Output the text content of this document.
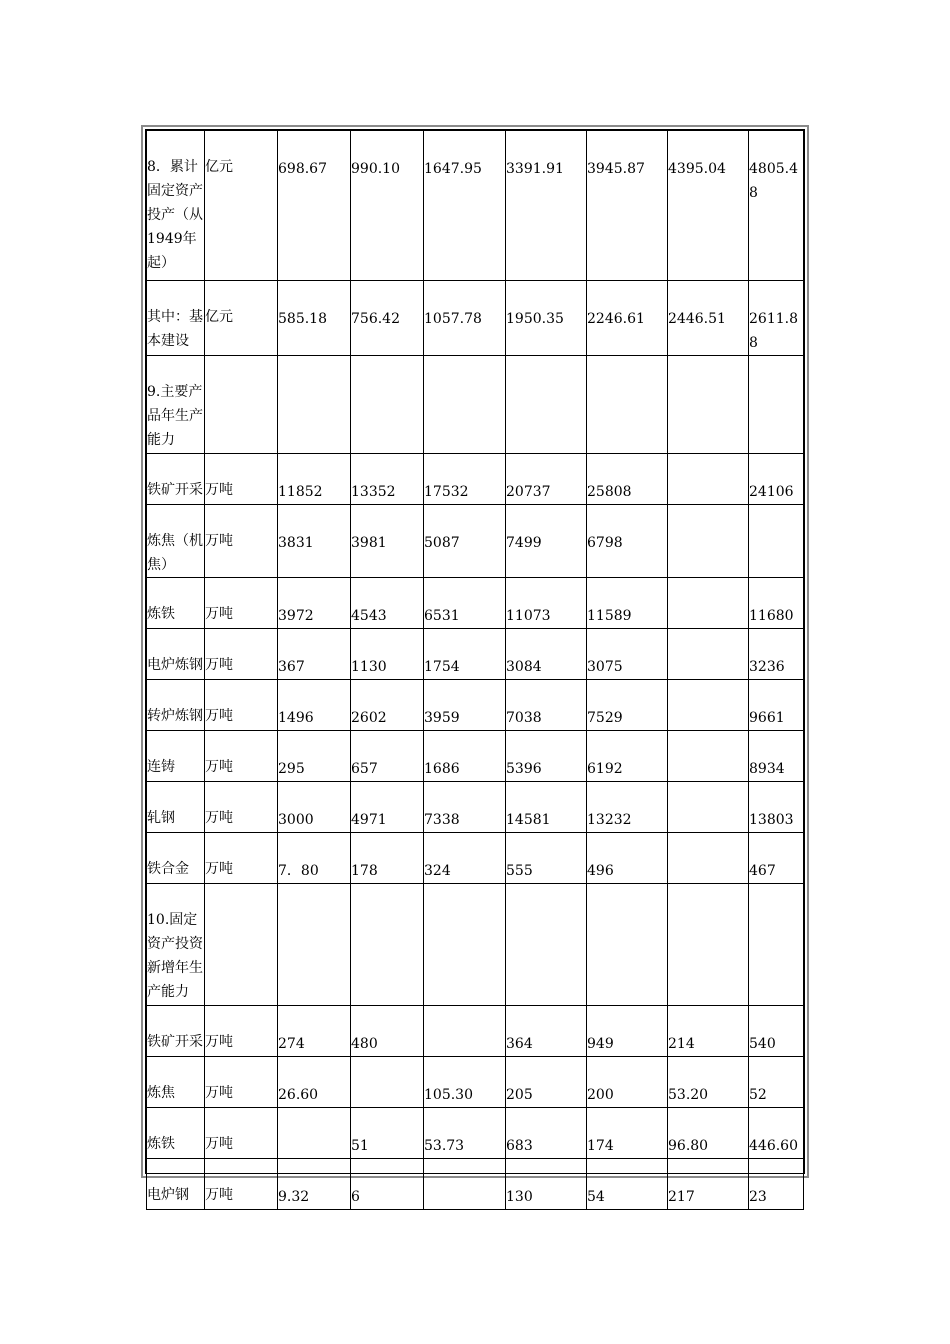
8．累计固定资产投产（从1949年起）	亿元	698.67	990.10	1647.95	3391.91	3945.87	4395.04	4805.48
其中：基本建设	亿元	585.18	756.42	1057.78	1950.35	2246.61	2446.51	2611.88
9.主要产品年生产能力								
铁矿开采	万吨	11852	13352	17532	20737	25808		24106
炼焦（机焦）	万吨	3831	3981	5087	7499	6798		
炼铁	万吨	3972	4543	6531	11073	11589		11680
电炉炼钢	万吨	367	1130	1754	3084	3075		3236
转炉炼钢	万吨	1496	2602	3959	7038	7529		9661
连铸	万吨	295	657	1686	5396	6192		8934
轧钢	万吨	3000	4971	7338	14581	13232		13803
铁合金	万吨	7．80	178	324	555	496		467
10.固定资产投资新增年生产能力								
铁矿开采	万吨	274	480		364	949	214	540
炼焦	万吨	26.60		105.30	205	200	53.20	52
炼铁	万吨		51	53.73	683	174	96.80	446.60
电炉钢	万吨	9.32	6		130	54	217	23
